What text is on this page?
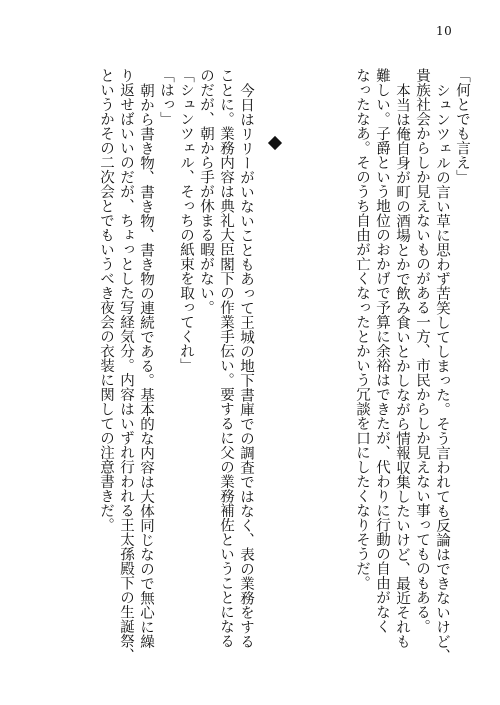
10
「何とでも言え」
シュンツェルの言い草に思わず苦笑してしまった。そう言われても反論はできないけど、
貴族社会からしか見えないものがある一方、市民からしか見えない事ってものもある。
本当は俺自身が町の酒場とかで飲み食いとかしながら情報収集したいけど、最近それも
難しい。子爵という地位のおかげで予算に余裕はできたが、代わりに行動の自由がなく
なったなあ。そのうち自由が亡くなったとかいう冗談を口にしたくなりそうだ。
今日はリリーがいないこともあって王城の地下書庫での調査ではなく、表の業務をする
ことに。業務内容は典礼大臣閣下の作業手伝い。要するに父の業務補佐ということになる
のだが、朝から手が休まる暇がない。
「シュンツェル、そっちの紙束を取ってくれ」
「はっ」
朝から書き物、書き物、書き物の連続である。基本的な内容は大体同じなので無心に繰
り返せばいいのだが、ちょっとした写経気分。内容はいずれ行われる王太孫殿下の生誕祭、
というかその二次会とでもいうべき夜会の衣装に関しての注意書きだ。
